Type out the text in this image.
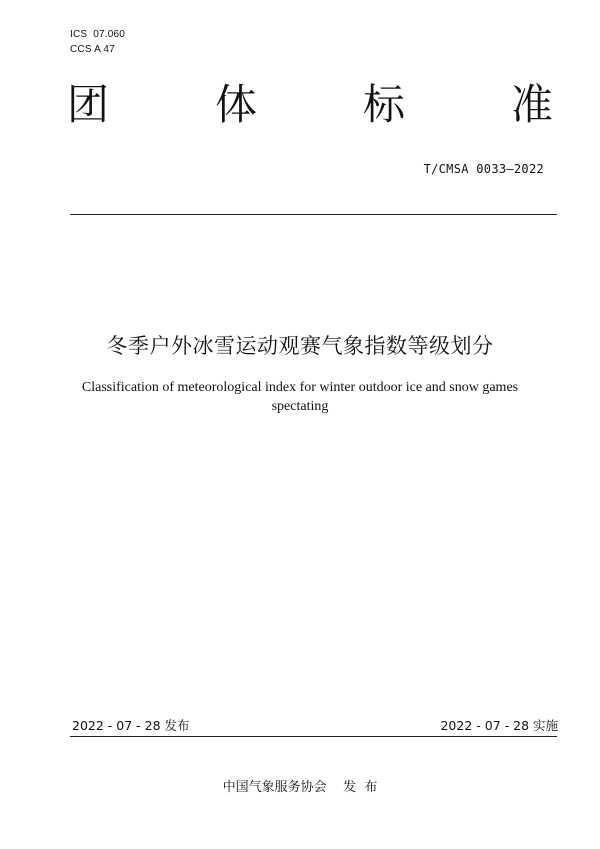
ICS  07.060
CCS A 47
团	体	标	准
T/CMSA 0033—2022
冬季户外冰雪运动观赛气象指数等级划分
Classification of meteorological index for winter outdoor ice and snow games
spectating
2022 - 07 - 28 发布	2022 - 07 - 28 实施
中国气象服务协会    发  布
